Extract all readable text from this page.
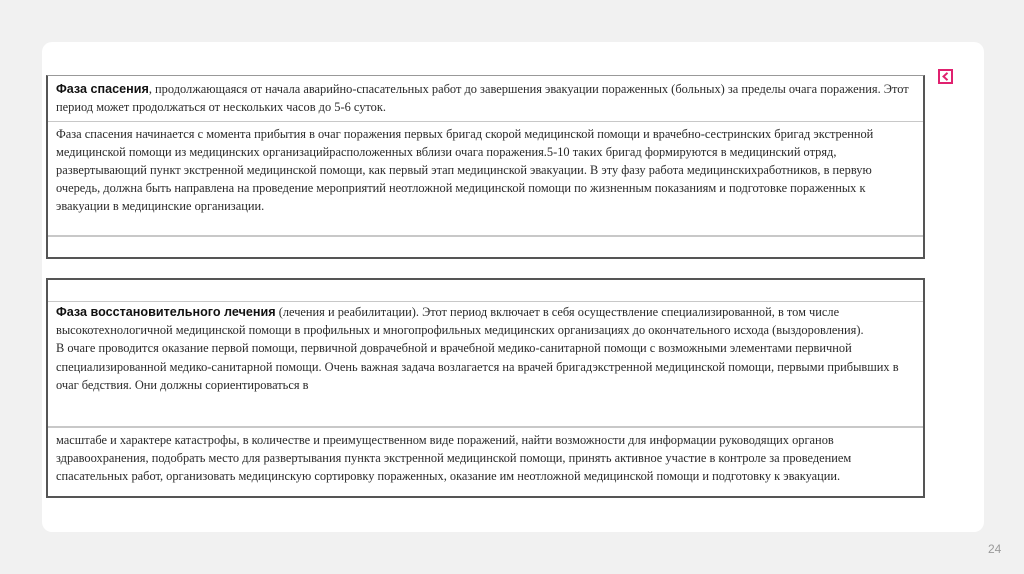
Фаза спасения, продолжающаяся от начала аварийно-спасательных работ до завершения эвакуации пораженных (больных) за пределы очага поражения. Этот период может продолжаться от нескольких часов до 5-6 суток.
Фаза спасения начинается с момента прибытия в очаг поражения первых бригад скорой медицинской помощи и врачебно-сестринских бригад экстренной медицинской помощи из медицинских организацийрасположенных вблизи очага поражения.5-10 таких бригад формируются в медицинский отряд, развертывающий пункт экстренной медицинской помощи, как первый этап медицинской эвакуации. В эту фазу работа медицинскихработников, в первую очередь, должна быть направлена на проведение мероприятий неотложной медицинской помощи по жизненным показаниям и подготовке пораженных к эвакуации в медицинские организации.
Фаза восстановительного лечения (лечения и реабилитации). Этот период включает в себя осуществление специализированной, в том числе высокотехнологичной медицинской помощи в профильных и многопрофильных медицинских организациях до окончательного исхода (выздоровления).
В очаге проводится оказание первой помощи, первичной доврачебной и врачебной медико-санитарной помощи с возможными элементами первичной специализированной медико-санитарной помощи. Очень важная задача возлагается на врачей бригадэкстренной медицинской помощи, первыми прибывших в очаг бедствия. Они должны сориентироваться в
масштабе и характере катастрофы, в количестве и преимущественном виде поражений, найти возможности для информации руководящих органов здравоохранения, подобрать место для развертывания пункта экстренной медицинской помощи, принять активное участие в контроле за проведением спасательных работ, организовать медицинскую сортировку пораженных, оказание им неотложной медицинской помощи и подготовку к эвакуации.
24
